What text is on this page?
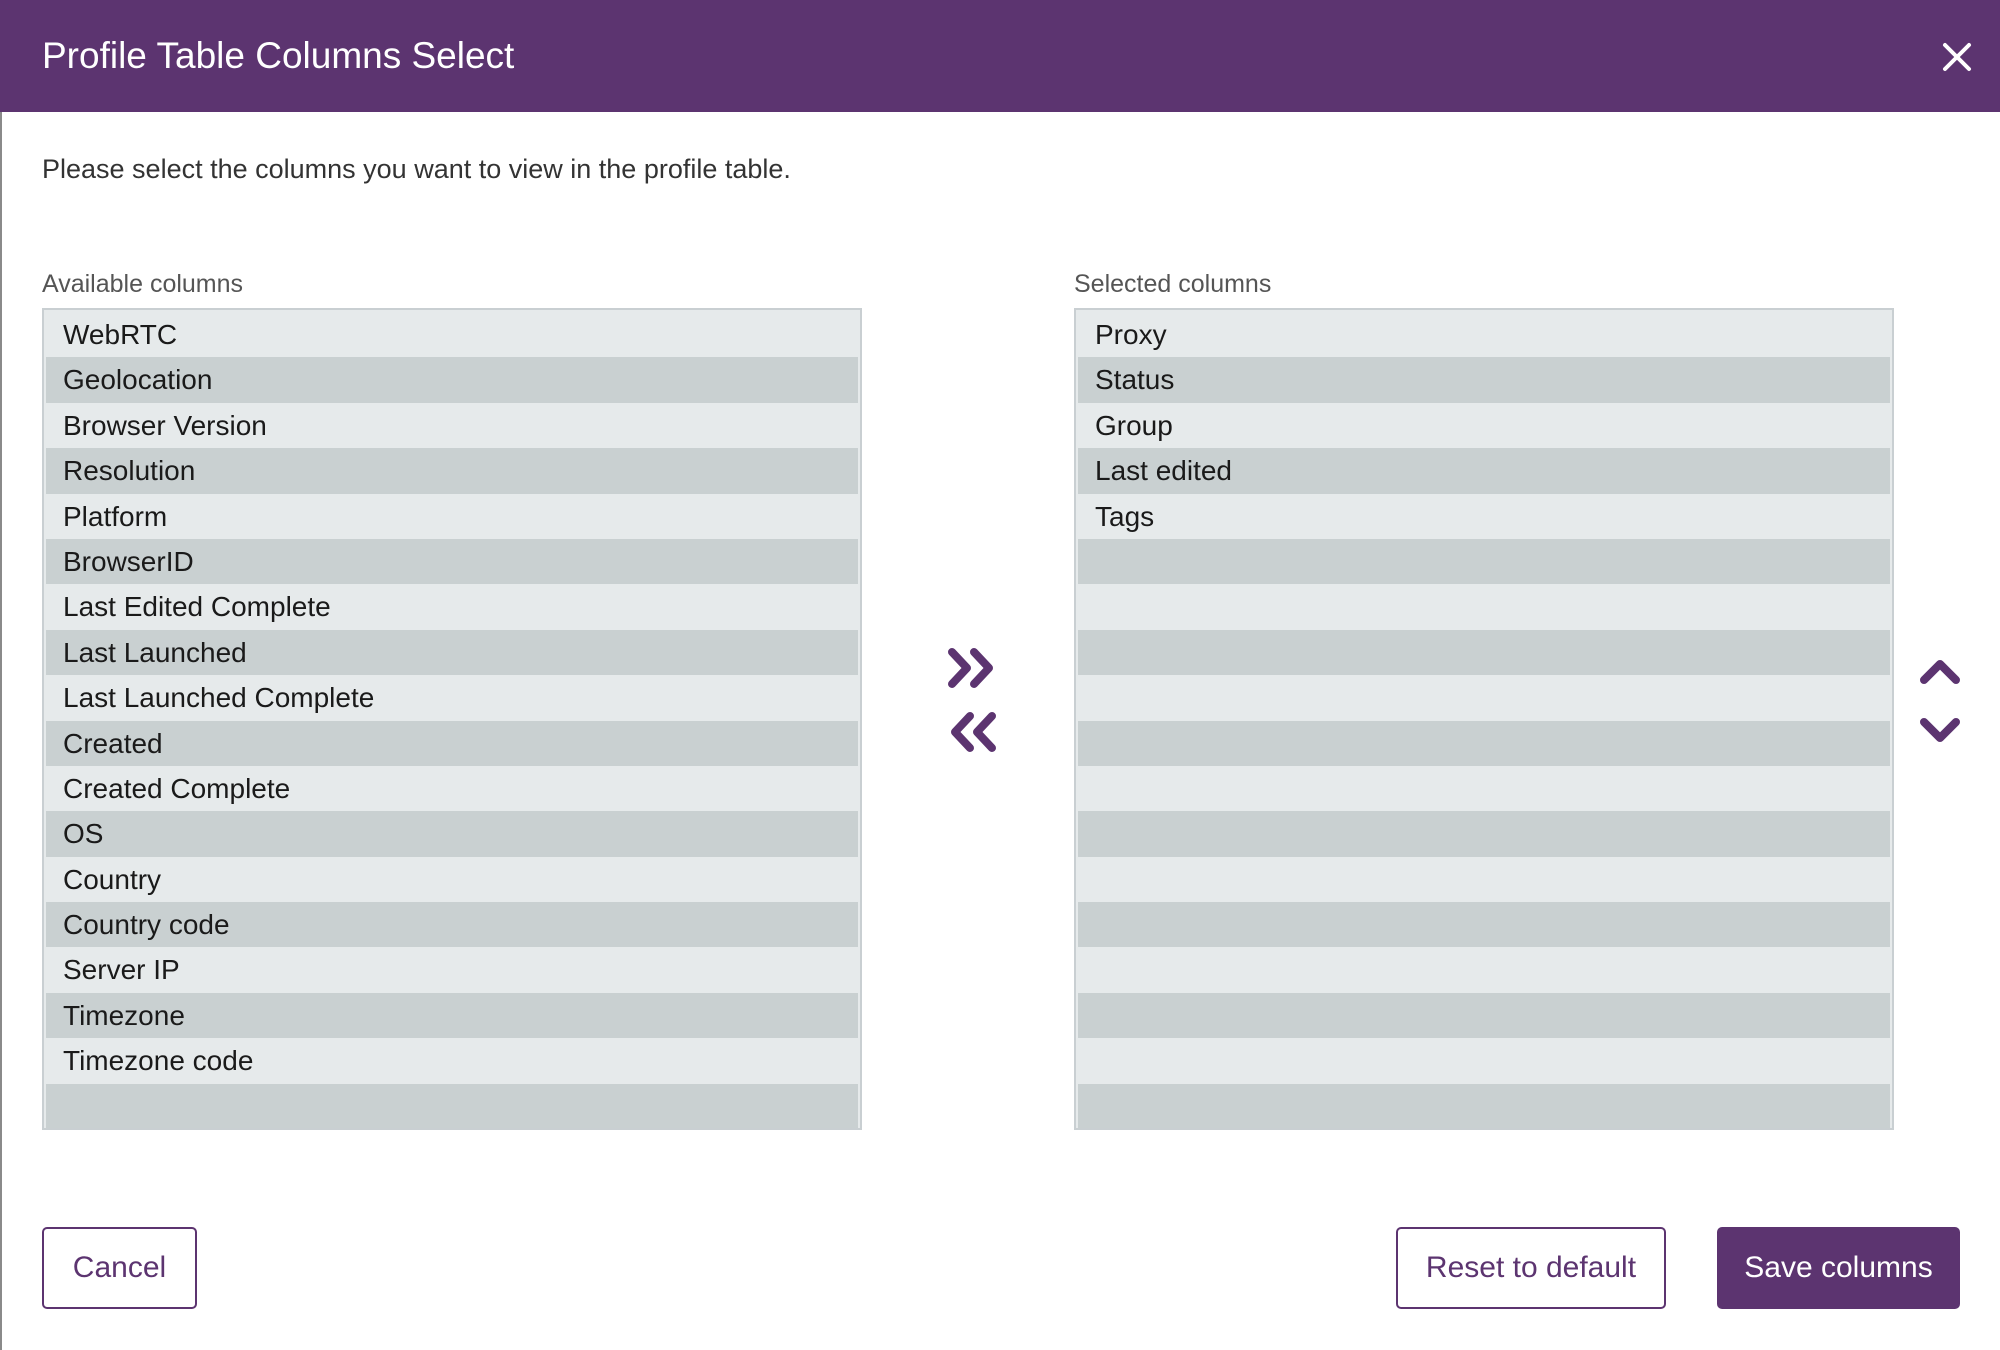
Profile Table Columns Select
Please select the columns you want to view in the profile table.
Available columns
WebRTC
Geolocation
Browser Version
Resolution
Platform
BrowserID
Last Edited Complete
Last Launched
Last Launched Complete
Created
Created Complete
OS
Country
Country code
Server IP
Timezone
Timezone code
Selected columns
Proxy
Status
Group
Last edited
Tags
Cancel	Reset to default	Save columns
